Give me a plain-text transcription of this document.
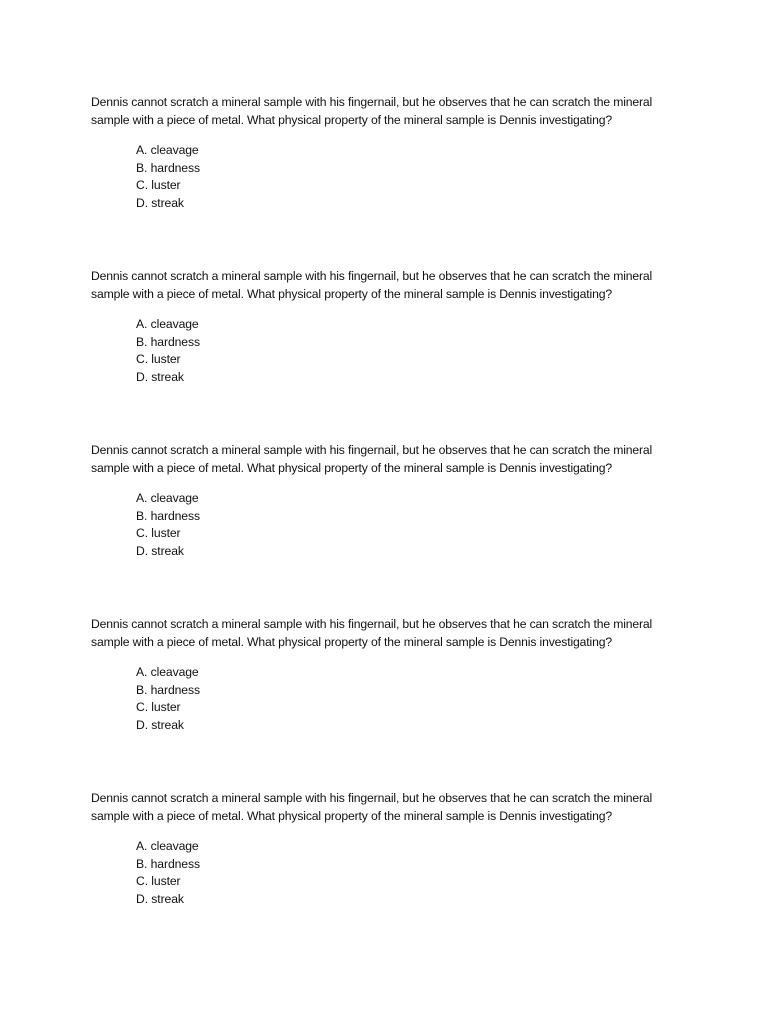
Dennis cannot scratch a mineral sample with his fingernail, but he observes that he can scratch the mineral sample with a piece of metal. What physical property of the mineral sample is Dennis investigating?

A. cleavage
B. hardness
C. luster
D. streak

Dennis cannot scratch a mineral sample with his fingernail, but he observes that he can scratch the mineral sample with a piece of metal. What physical property of the mineral sample is Dennis investigating?

A. cleavage
B. hardness
C. luster
D. streak

Dennis cannot scratch a mineral sample with his fingernail, but he observes that he can scratch the mineral sample with a piece of metal. What physical property of the mineral sample is Dennis investigating?

A. cleavage
B. hardness
C. luster
D. streak

Dennis cannot scratch a mineral sample with his fingernail, but he observes that he can scratch the mineral sample with a piece of metal. What physical property of the mineral sample is Dennis investigating?

A. cleavage
B. hardness
C. luster
D. streak

Dennis cannot scratch a mineral sample with his fingernail, but he observes that he can scratch the mineral sample with a piece of metal. What physical property of the mineral sample is Dennis investigating?

A. cleavage
B. hardness
C. luster
D. streak
